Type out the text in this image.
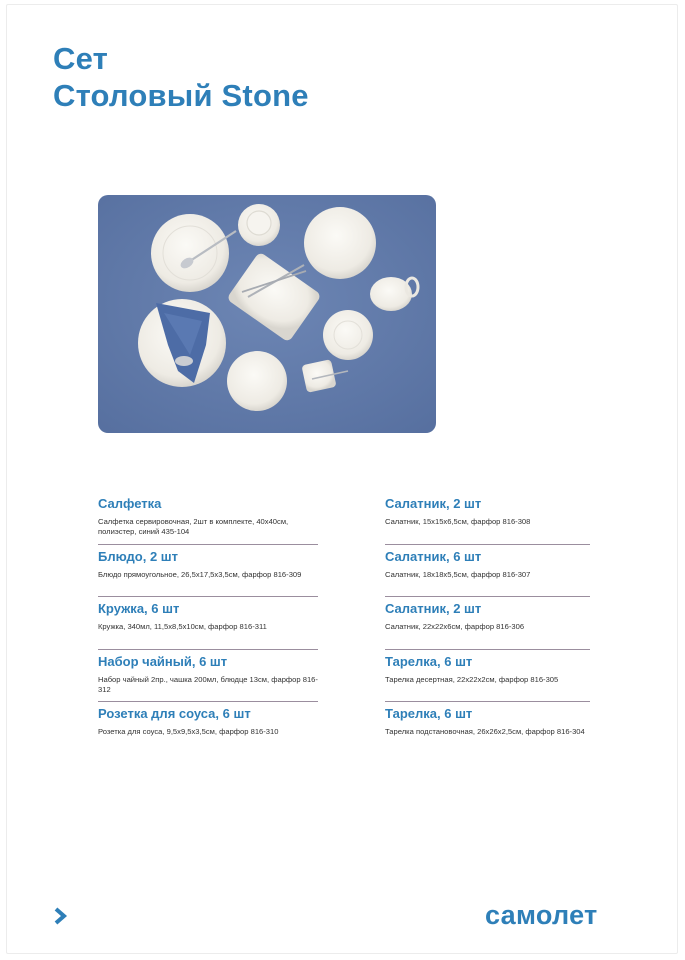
Сет
Столовый Stone
Салфетка
Салфетка сервировочная, 2шт в комплекте, 40х40см, полиэстер, синий 435-104
Блюдо, 2 шт
Блюдо прямоугольное, 26,5x17,5x3,5см, фарфор 816-309
Кружка, 6 шт
Кружка, 340мл, 11,5x8,5x10см, фарфор 816-311
Набор чайный, 6 шт
Набор чайный 2пр., чашка 200мл, блюдце 13см, фарфор 816-312
Розетка для соуса, 6 шт
Розетка для соуса, 9,5x9,5x3,5см, фарфор 816-310
Салатник, 2 шт
Салатник, 15x15x6,5см, фарфор 816-308
Салатник, 6 шт
Салатник, 18x18x5,5см, фарфор 816-307
Салатник, 2 шт
Салатник, 22x22x6см, фарфор 816-306
Тарелка, 6 шт
Тарелка десертная, 22x22x2см, фарфор 816-305
Тарелка, 6 шт
Тарелка подстановочная, 26x26x2,5см, фарфор 816-304
самолет
